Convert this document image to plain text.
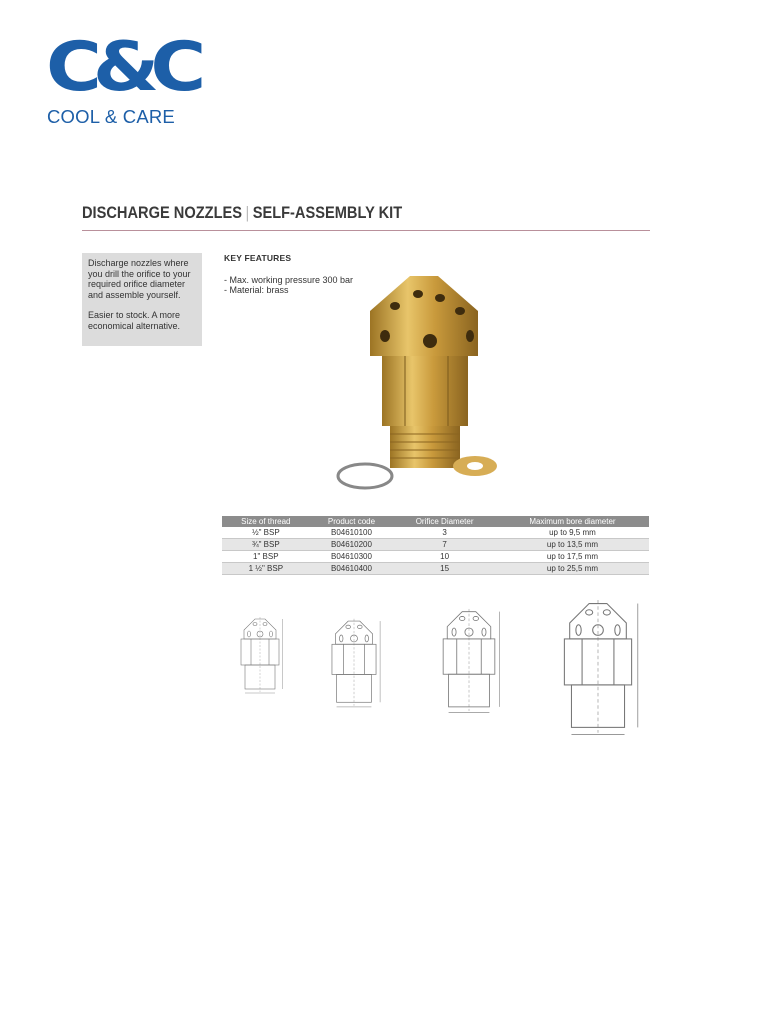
C&C
COOL & CARE
DISCHARGE NOZZLES | SELF-ASSEMBLY KIT

Discharge nozzles where you drill the orifice to your required orifice diameter and assemble yourself.

Easier to stock. A more economical alternative.

KEY FEATURES
- Max. working pressure 300 bar
- Material: brass
Size of thread	Product code	Orifice Diameter	Maximum bore diameter
½" BSP	B04610100	3	up to 9,5 mm
¾" BSP	B04610200	7	up to 13,5 mm
1" BSP	B04610300	10	up to 17,5 mm
1 ½" BSP	B04610400	15	up to 25,5 mm
